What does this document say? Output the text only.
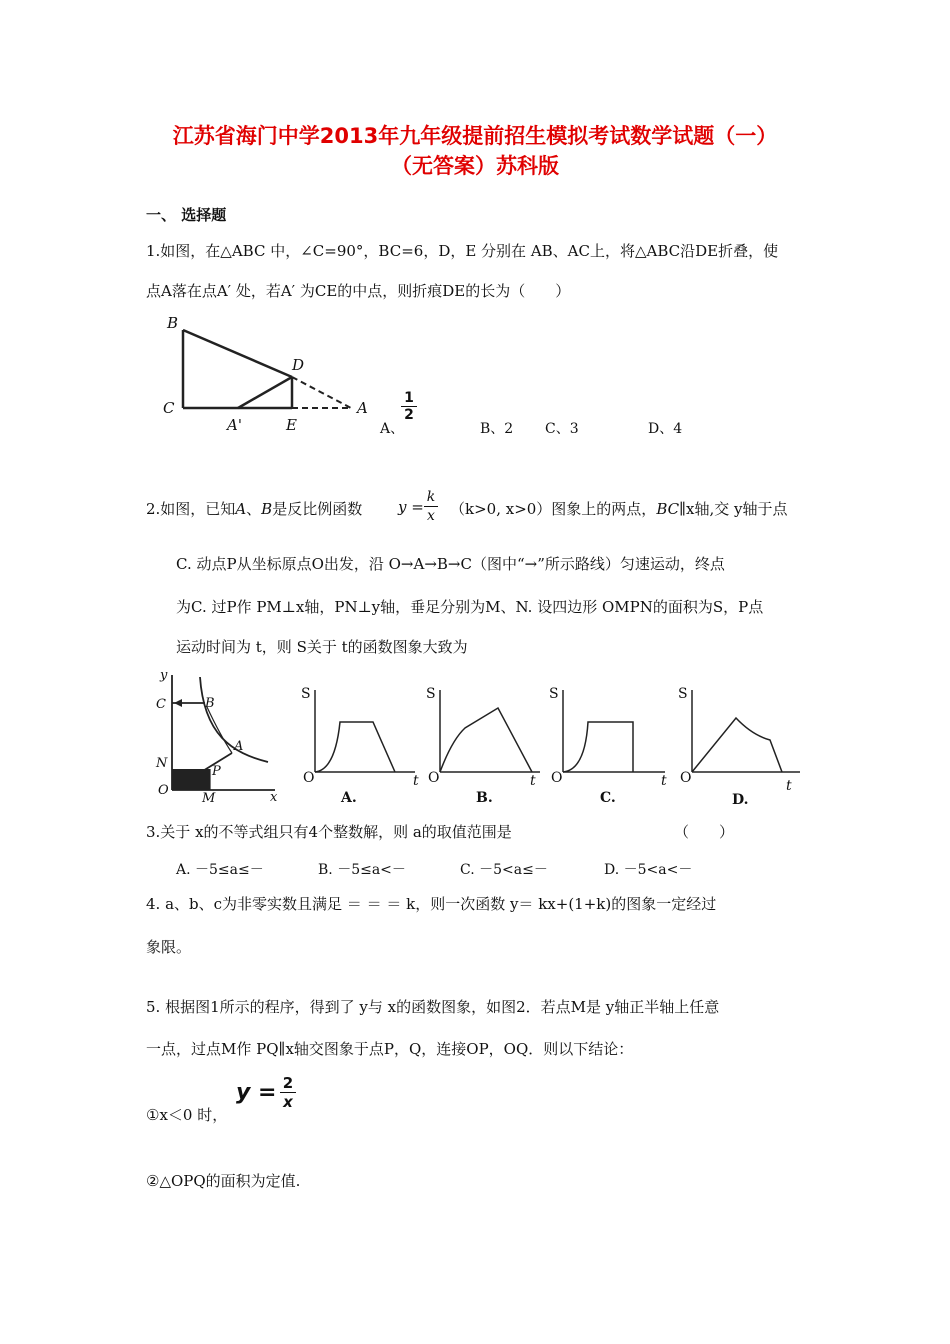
江苏省海门中学2013年九年级提前招生模拟考试数学试题（一）
（无答案）苏科版
一、 选择题
1.如图，在△ABC 中，∠C=90°，BC=6，D，E 分别在 AB、AC上，将△ABC沿DE折叠，使
点A落在点A′ 处，若A′ 为CE的中点，则折痕DE的长为（　　）
B
C
D
A
A'	E	A、
$\frac{1}{2}$
B、2 C、3	D、4
2.如图，已知A、B是反比例函数 $y = \frac{k}{x} (k>0$, x>0）图象上的两点，BC∥x轴,交 y轴于点
C. 动点P从坐标原点O出发，沿 O→A→B→C（图中“→”所示路线）匀速运动，终点
为C. 过P作 PM⊥x轴，PN⊥y轴，垂足分别为M、N. 设四边形 OMPN的面积为S，P点
运动时间为 t，则 S关于 t的函数图象大致为
y
x
C	B
A
N
P
O
M
S
O	t
A.
S
O	t
B.
S
O	t
C.
S
O	t
D.
3.关于 x的不等式组只有4个整数解，则 a的取值范围是	（　　）
A. －5≤a≤－	B. －5≤a<－	C. －5<a≤－	D. －5<a<－
4. a、b、c为非零实数且满足 ＝ ＝ ＝ k，则一次函数 y＝ kx+(1+k)的图象一定经过
象限。
5. 根据图1所示的程序，得到了 y与 x的函数图象，如图2．若点M是 y轴正半轴上任意
一点，过点M作 PQ∥x轴交图象于点P，Q，连接OP，OQ．则以下结论：
①x＜0 时，
$y = \frac{2}{x}$
②△OPQ的面积为定值.
